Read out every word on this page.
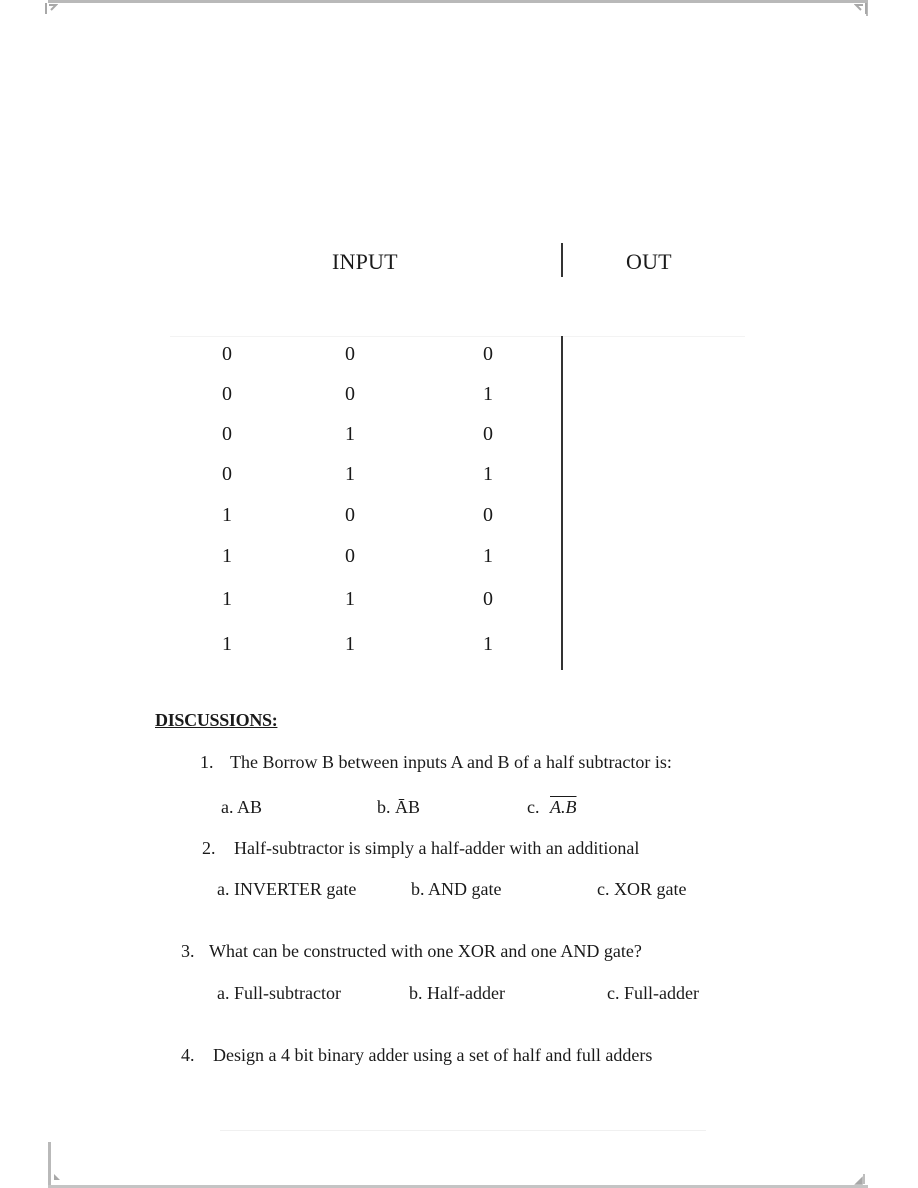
INPUT	OUT
0	0	0
0	0	1
0	1	0
0	1	1
1	0	0
1	0	1
1	1	0
1	1	1
DISCUSSIONS:
1. The Borrow B between inputs A and B of a half subtractor is:
a. AB	b. ĀB	c. A.B
2. Half-subtractor is simply a half-adder with an additional
a. INVERTER gate	b. AND gate	c. XOR gate
3. What can be constructed with one XOR and one AND gate?
a. Full-subtractor	b. Half-adder	c. Full-adder
4. Design a 4 bit binary adder using a set of half and full adders
